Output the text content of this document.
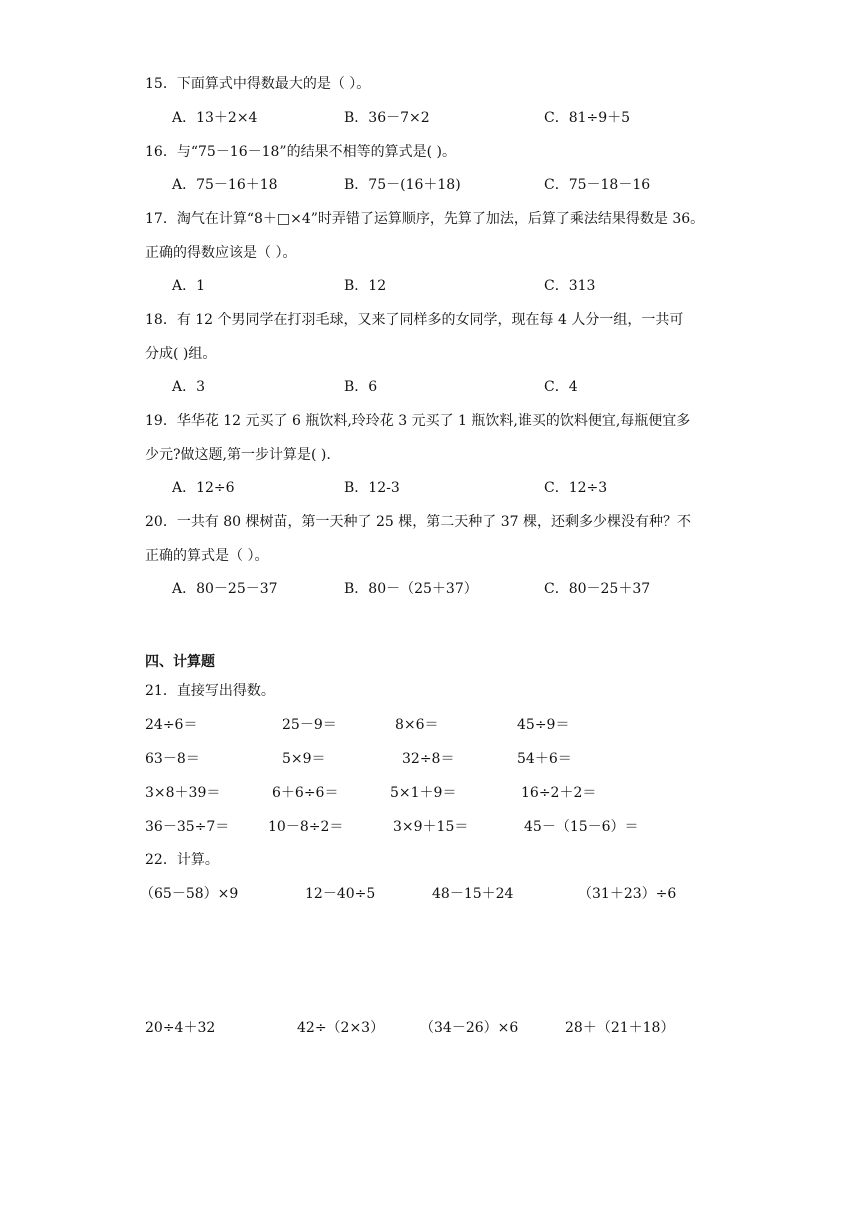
15．下面算式中得数最大的是（ ）。
A．13＋2×4	B．36－7×2	C．81÷9＋5
16．与“75－16－18”的结果不相等的算式是( )。
A．75－16＋18	B．75－(16＋18)	C．75－18－16
17．淘气在计算“8＋□×4”时弄错了运算顺序，先算了加法，后算了乘法结果得数是 36。
正确的得数应该是（ ）。
A．1	B．12	C．313
18．有 12 个男同学在打羽毛球，又来了同样多的女同学，现在每 4 人分一组，一共可
分成( )组。
A．3	B．6	C．4
19．华华花 12 元买了 6 瓶饮料,玲玲花 3 元买了 1 瓶饮料,谁买的饮料便宜,每瓶便宜多
少元?做这题,第一步计算是( ).
A．12÷6	B．12-3	C．12÷3
20．一共有 80 棵树苗，第一天种了 25 棵，第二天种了 37 棵，还剩多少棵没有种？不
正确的算式是（ ）。
A．80－25－37	B．80－（25＋37）	C．80－25＋37
四、计算题
21．直接写出得数。
24÷6＝	25－9＝	8×6＝	45÷9＝
63－8＝	5×9＝	32÷8＝	54＋6＝
3×8＋39＝	6＋6÷6＝	5×1＋9＝	16÷2＋2＝
36－35÷7＝	10－8÷2＝	3×9＋15＝	45－（15－6）＝
22．计算。
（65－58）×9	12－40÷5	48－15＋24	（31＋23）÷6
20÷4＋32	42÷（2×3）	（34－26）×6	28＋（21＋18）
